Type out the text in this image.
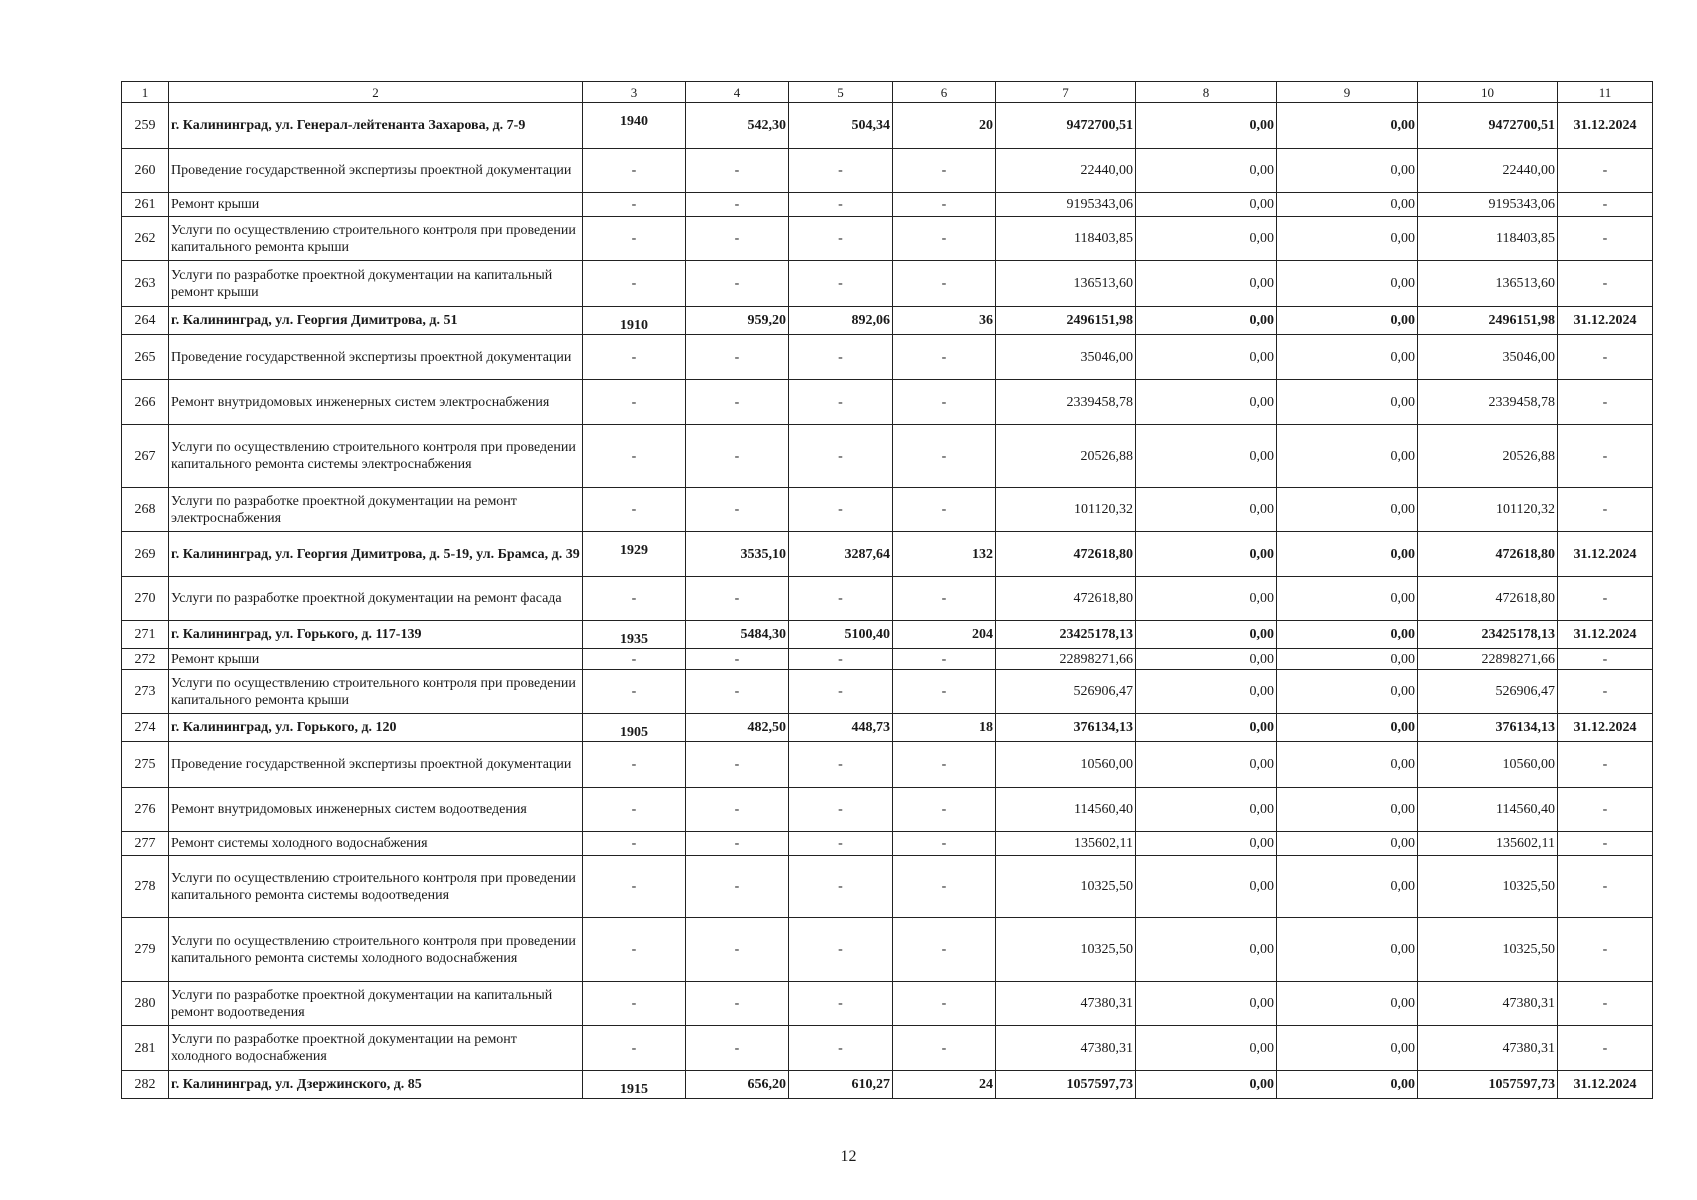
1	2	3	4	5	6	7	8	9	10	11
259	г. Калининград, ул. Генерал-лейтенанта Захарова, д. 7-9	1940	542,30	504,34	20	9472700,51	0,00	0,00	9472700,51	31.12.2024
260	Проведение государственной экспертизы проектной документации	-	-	-	-	22440,00	0,00	0,00	22440,00	-
261	Ремонт крыши	-	-	-	-	9195343,06	0,00	0,00	9195343,06	-
262	Услуги по осуществлению строительного контроля при проведении капитального ремонта крыши	-	-	-	-	118403,85	0,00	0,00	118403,85	-
263	Услуги по разработке проектной документации на капитальный ремонт крыши	-	-	-	-	136513,60	0,00	0,00	136513,60	-
264	г. Калининград, ул. Георгия Димитрова, д. 51	1910	959,20	892,06	36	2496151,98	0,00	0,00	2496151,98	31.12.2024
265	Проведение государственной экспертизы проектной документации	-	-	-	-	35046,00	0,00	0,00	35046,00	-
266	Ремонт внутридомовых инженерных систем электроснабжения	-	-	-	-	2339458,78	0,00	0,00	2339458,78	-
267	Услуги по осуществлению строительного контроля при проведении капитального ремонта системы электроснабжения	-	-	-	-	20526,88	0,00	0,00	20526,88	-
268	Услуги по разработке проектной документации на ремонт электроснабжения	-	-	-	-	101120,32	0,00	0,00	101120,32	-
269	г. Калининград, ул. Георгия Димитрова, д. 5-19, ул. Брамса, д. 39	1929	3535,10	3287,64	132	472618,80	0,00	0,00	472618,80	31.12.2024
270	Услуги по разработке проектной документации на ремонт фасада	-	-	-	-	472618,80	0,00	0,00	472618,80	-
271	г. Калининград, ул. Горького, д. 117-139	1935	5484,30	5100,40	204	23425178,13	0,00	0,00	23425178,13	31.12.2024
272	Ремонт крыши	-	-	-	-	22898271,66	0,00	0,00	22898271,66	-
273	Услуги по осуществлению строительного контроля при проведении капитального ремонта крыши	-	-	-	-	526906,47	0,00	0,00	526906,47	-
274	г. Калининград, ул. Горького, д. 120	1905	482,50	448,73	18	376134,13	0,00	0,00	376134,13	31.12.2024
275	Проведение государственной экспертизы проектной документации	-	-	-	-	10560,00	0,00	0,00	10560,00	-
276	Ремонт внутридомовых инженерных систем водоотведения	-	-	-	-	114560,40	0,00	0,00	114560,40	-
277	Ремонт системы холодного водоснабжения	-	-	-	-	135602,11	0,00	0,00	135602,11	-
278	Услуги по осуществлению строительного контроля при проведении капитального ремонта системы водоотведения	-	-	-	-	10325,50	0,00	0,00	10325,50	-
279	Услуги по осуществлению строительного контроля при проведении капитального ремонта системы холодного водоснабжения	-	-	-	-	10325,50	0,00	0,00	10325,50	-
280	Услуги по разработке проектной документации на капитальный ремонт водоотведения	-	-	-	-	47380,31	0,00	0,00	47380,31	-
281	Услуги по разработке проектной документации на ремонт холодного водоснабжения	-	-	-	-	47380,31	0,00	0,00	47380,31	-
282	г. Калининград, ул. Дзержинского, д. 85	1915	656,20	610,27	24	1057597,73	0,00	0,00	1057597,73	31.12.2024
12
